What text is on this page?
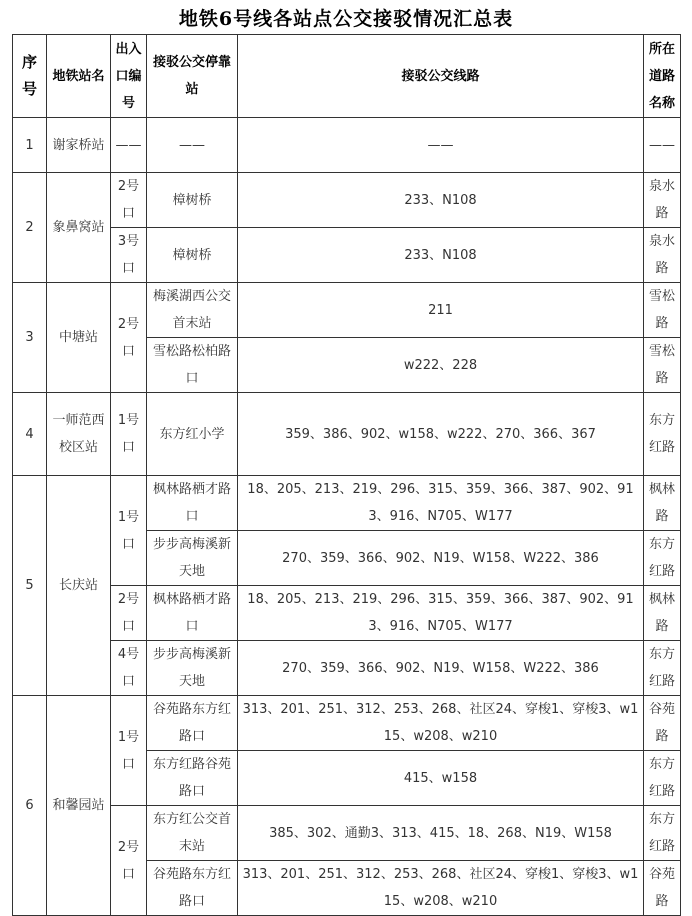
地铁6号线各站点公交接驳情况汇总表
序号	地铁站名	出入口编号	接驳公交停靠站	接驳公交线路	所在道路名称
1	谢家桥站	——	——	——	——
2	象鼻窝站	2号口	樟树桥	233、N108	泉水路
		3号口	樟树桥	233、N108	泉水路
3	中塘站	2号口	梅溪湖西公交首末站	211	雪松路
			雪松路松柏路口	w222、228	雪松路
4	一师范西校区站	1号口	东方红小学	359、386、902、w158、w222、270、366、367	东方红路
5	长庆站	1号口	枫林路栖才路口	18、205、213、219、296、315、359、366、387、902、913、916、N705、W177	枫林路
			步步高梅溪新天地	270、359、366、902、N19、W158、W222、386	东方红路
		2号口	枫林路栖才路口	18、205、213、219、296、315、359、366、387、902、913、916、N705、W177	枫林路
		4号口	步步高梅溪新天地	270、359、366、902、N19、W158、W222、386	东方红路
6	和馨园站	1号口	谷苑路东方红路口	313、201、251、312、253、268、社区24、穿梭1、穿梭3、w115、w208、w210	谷苑路
			东方红路谷苑路口	415、w158	东方红路
		2号口	东方红公交首末站	385、302、通勤3、313、415、18、268、N19、W158	东方红路
			谷苑路东方红路口	313、201、251、312、253、268、社区24、穿梭1、穿梭3、w115、w208、w210	谷苑路
